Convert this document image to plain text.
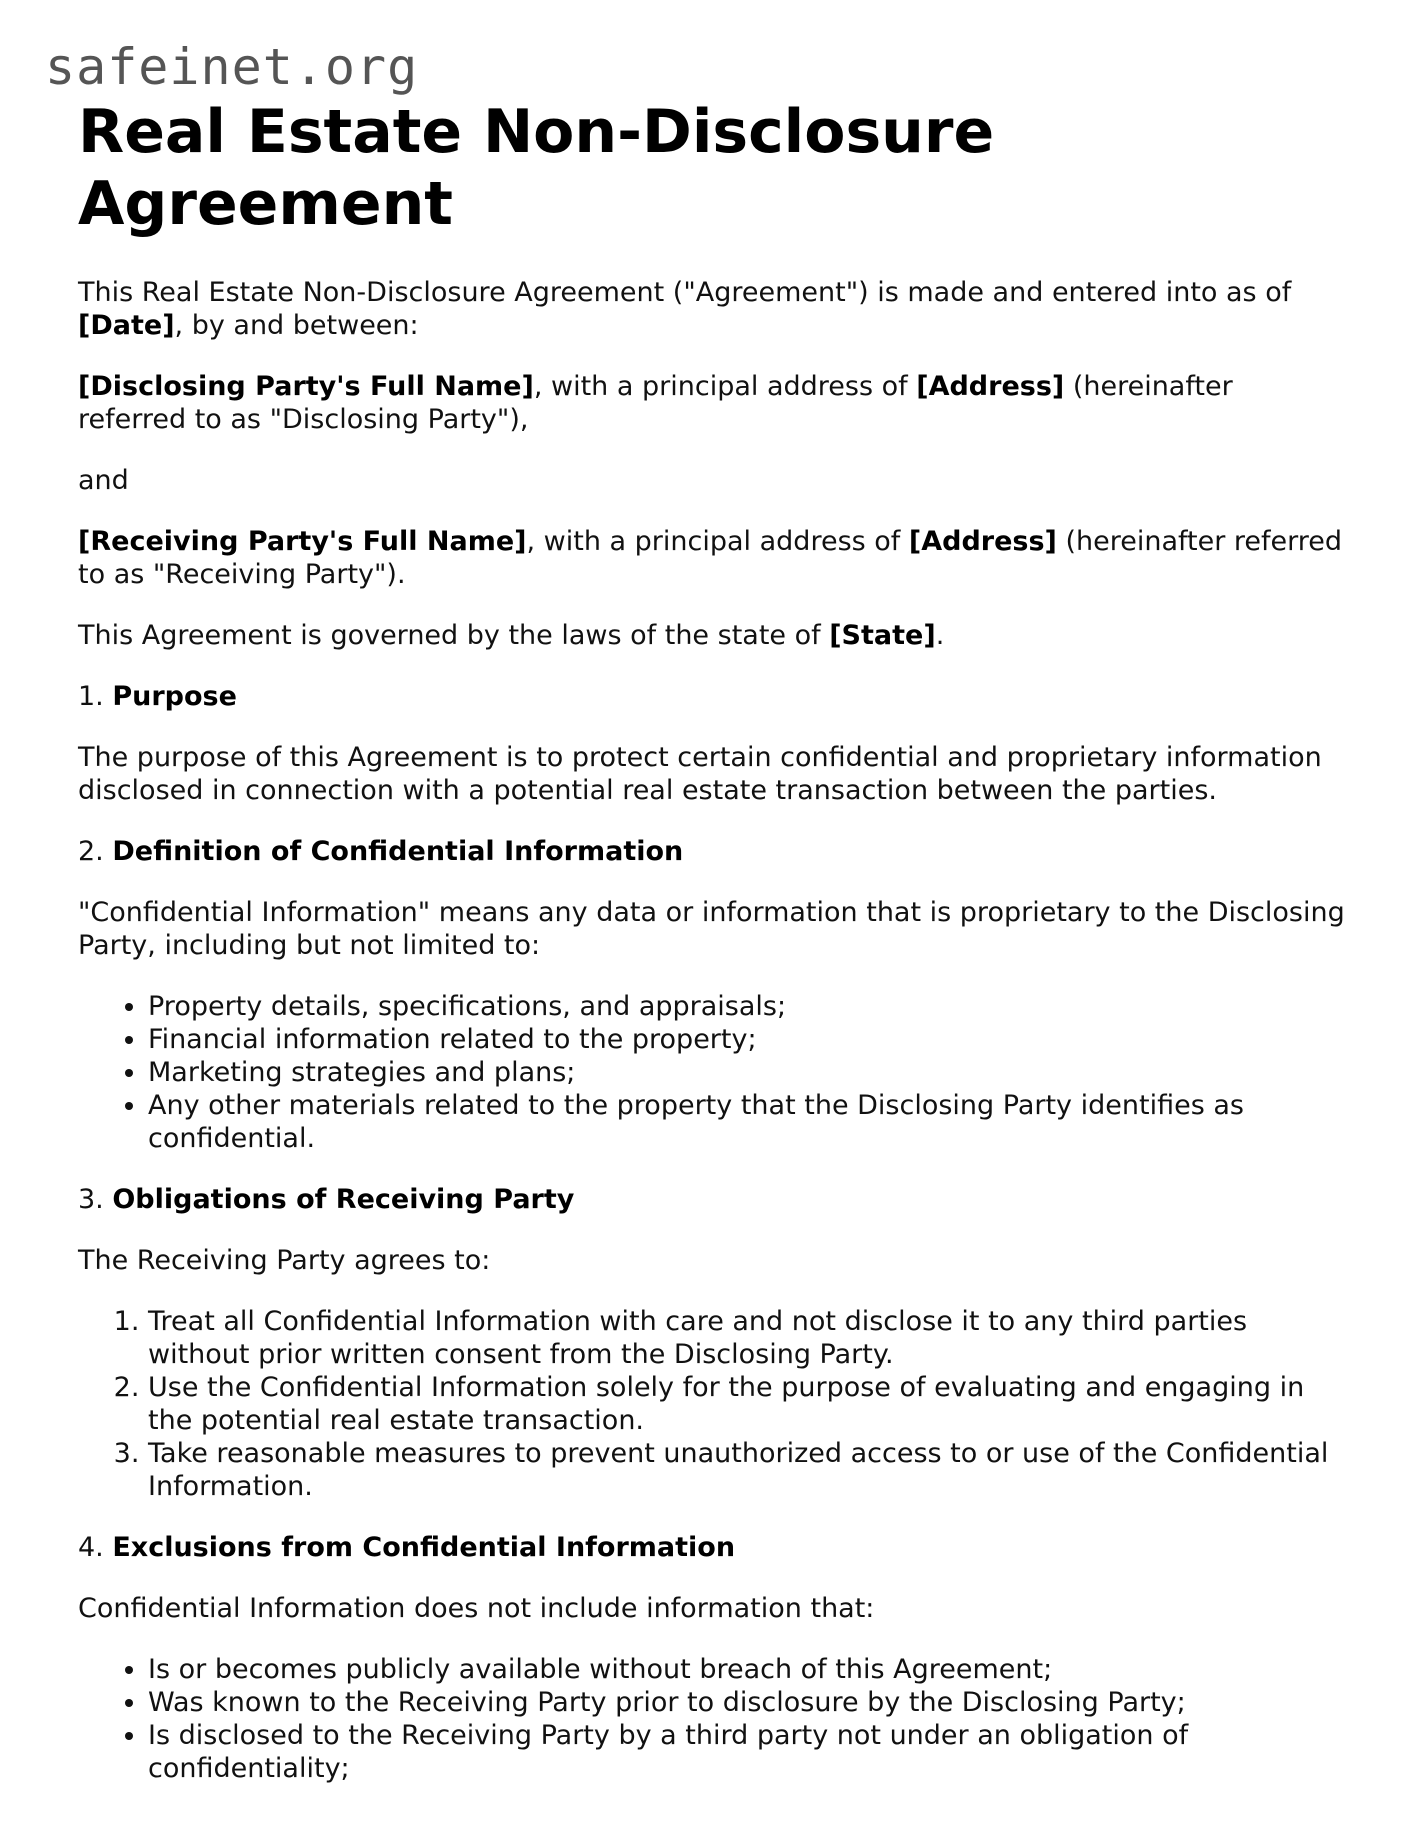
safeinet.org
Real Estate Non-Disclosure Agreement

This Real Estate Non-Disclosure Agreement ("Agreement") is made and entered into as of [Date], by and between:

[Disclosing Party's Full Name], with a principal address of [Address] (hereinafter referred to as "Disclosing Party"),

and

[Receiving Party's Full Name], with a principal address of [Address] (hereinafter referred to as "Receiving Party").

This Agreement is governed by the laws of the state of [State].

1. Purpose

The purpose of this Agreement is to protect certain confidential and proprietary information disclosed in connection with a potential real estate transaction between the parties.

2. Definition of Confidential Information

"Confidential Information" means any data or information that is proprietary to the Disclosing Party, including but not limited to:

• Property details, specifications, and appraisals;
• Financial information related to the property;
• Marketing strategies and plans;
• Any other materials related to the property that the Disclosing Party identifies as confidential.

3. Obligations of Receiving Party

The Receiving Party agrees to:

1. Treat all Confidential Information with care and not disclose it to any third parties without prior written consent from the Disclosing Party.
2. Use the Confidential Information solely for the purpose of evaluating and engaging in the potential real estate transaction.
3. Take reasonable measures to prevent unauthorized access to or use of the Confidential Information.

4. Exclusions from Confidential Information

Confidential Information does not include information that:

• Is or becomes publicly available without breach of this Agreement;
• Was known to the Receiving Party prior to disclosure by the Disclosing Party;
• Is disclosed to the Receiving Party by a third party not under an obligation of confidentiality;
